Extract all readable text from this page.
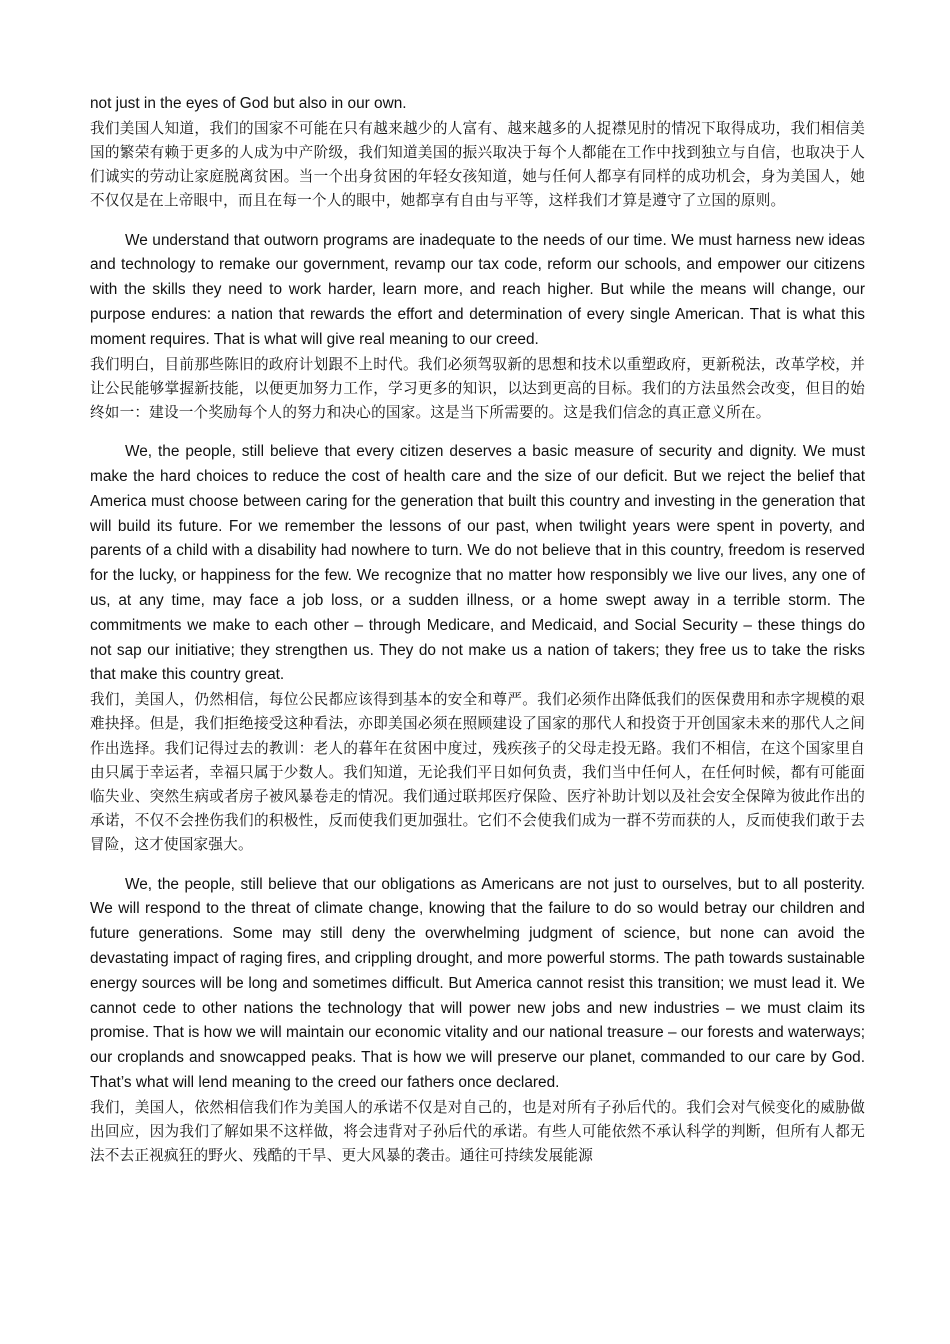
not just in the eyes of God but also in our own.

我们美国人知道，我们的国家不可能在只有越来越少的人富有、越来越多的人捉襟见肘的情况下取得成功，我们相信美国的繁荣有赖于更多的人成为中产阶级，我们知道美国的振兴取决于每个人都能在工作中找到独立与自信，也取决于人们诚实的劳动让家庭脱离贫困。当一个出身贫困的年轻女孩知道，她与任何人都享有同样的成功机会，身为美国人，她不仅仅是在上帝眼中，而且在每一个人的眼中，她都享有自由与平等，这样我们才算是遵守了立国的原则。

We understand that outworn programs are inadequate to the needs of our time. We must harness new ideas and technology to remake our government, revamp our tax code, reform our schools, and empower our citizens with the skills they need to work harder, learn more, and reach higher. But while the means will change, our purpose endures: a nation that rewards the effort and determination of every single American. That is what this moment requires. That is what will give real meaning to our creed.

我们明白，目前那些陈旧的政府计划跟不上时代。我们必须驾驭新的思想和技术以重塑政府，更新税法，改革学校，并让公民能够掌握新技能，以便更加努力工作，学习更多的知识，以达到更高的目标。我们的方法虽然会改变，但目的始终如一：建设一个奖励每个人的努力和决心的国家。这是当下所需要的。这是我们信念的真正意义所在。

We, the people, still believe that every citizen deserves a basic measure of security and dignity. We must make the hard choices to reduce the cost of health care and the size of our deficit. But we reject the belief that America must choose between caring for the generation that built this country and investing in the generation that will build its future. For we remember the lessons of our past, when twilight years were spent in poverty, and parents of a child with a disability had nowhere to turn. We do not believe that in this country, freedom is reserved for the lucky, or happiness for the few. We recognize that no matter how responsibly we live our lives, any one of us, at any time, may face a job loss, or a sudden illness, or a home swept away in a terrible storm. The commitments we make to each other – through Medicare, and Medicaid, and Social Security – these things do not sap our initiative; they strengthen us. They do not make us a nation of takers; they free us to take the risks that make this country great.

我们，美国人，仍然相信，每位公民都应该得到基本的安全和尊严。我们必须作出降低我们的医保费用和赤字规模的艰难抉择。但是，我们拒绝接受这种看法，亦即美国必须在照顾建设了国家的那代人和投资于开创国家未来的那代人之间作出选择。我们记得过去的教训：老人的暮年在贫困中度过，残疾孩子的父母走投无路。我们不相信，在这个国家里自由只属于幸运者，幸福只属于少数人。我们知道，无论我们平日如何负责，我们当中任何人，在任何时候，都有可能面临失业、突然生病或者房子被风暴卷走的情况。我们通过联邦医疗保险、医疗补助计划以及社会安全保障为彼此作出的承诺，不仅不会挫伤我们的积极性，反而使我们更加强壮。它们不会使我们成为一群不劳而获的人，反而使我们敢于去冒险，这才使国家强大。

We, the people, still believe that our obligations as Americans are not just to ourselves, but to all posterity. We will respond to the threat of climate change, knowing that the failure to do so would betray our children and future generations. Some may still deny the overwhelming judgment of science, but none can avoid the devastating impact of raging fires, and crippling drought, and more powerful storms. The path towards sustainable energy sources will be long and sometimes difficult. But America cannot resist this transition; we must lead it. We cannot cede to other nations the technology that will power new jobs and new industries – we must claim its promise. That is how we will maintain our economic vitality and our national treasure – our forests and waterways; our croplands and snowcapped peaks. That is how we will preserve our planet, commanded to our care by God. That’s what will lend meaning to the creed our fathers once declared.

我们，美国人，依然相信我们作为美国人的承诺不仅是对自己的，也是对所有子孙后代的。我们会对气候变化的威胁做出回应，因为我们了解如果不这样做，将会违背对子孙后代的承诺。有些人可能依然不承认科学的判断，但所有人都无法不去正视疯狂的野火、残酷的干旱、更大风暴的袭击。通往可持续发展能源
